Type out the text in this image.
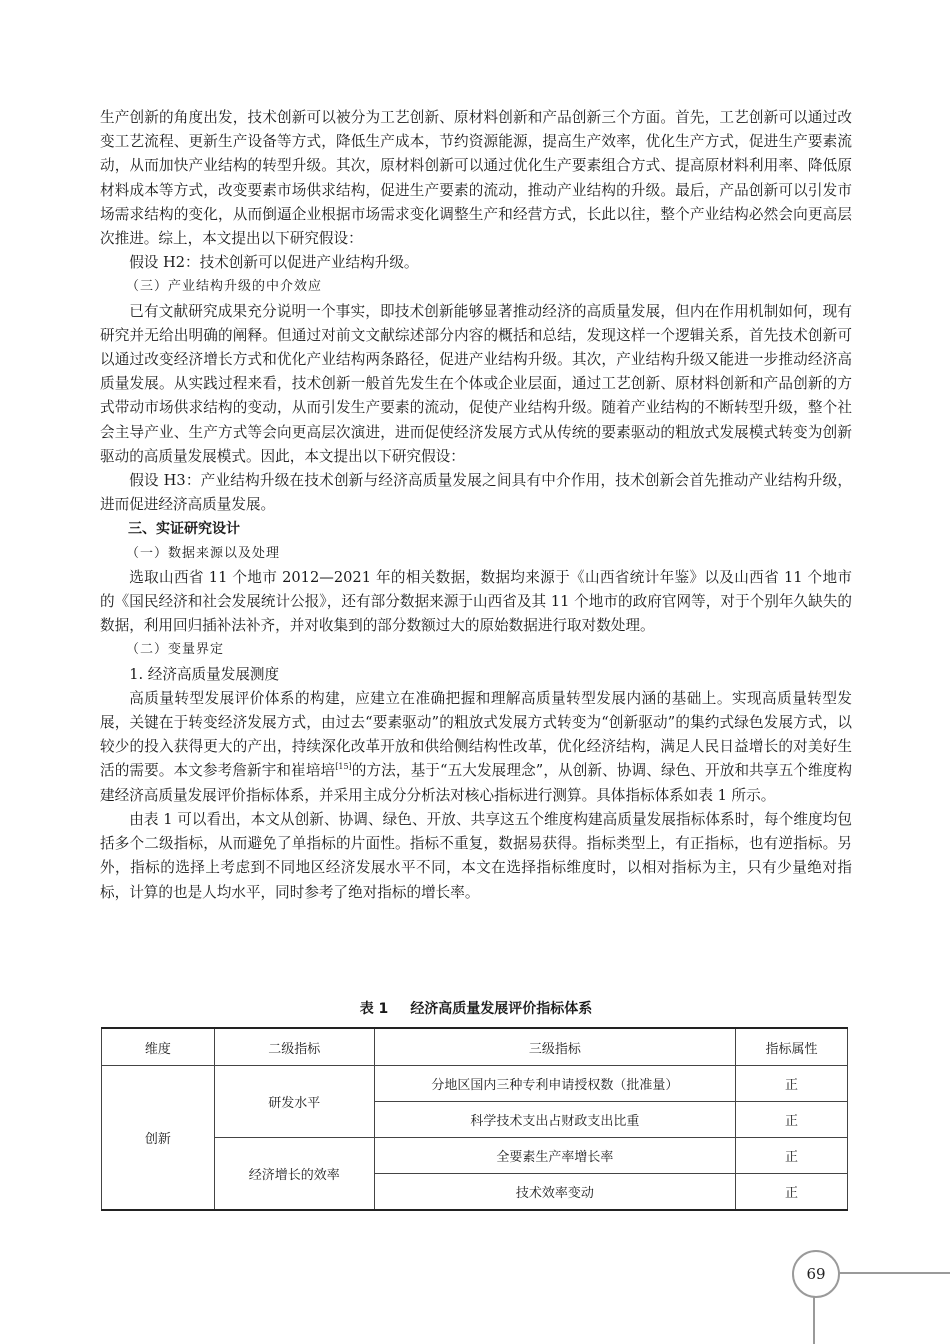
生产创新的角度出发，技术创新可以被分为工艺创新、原材料创新和产品创新三个方面。首先，工艺创新可以通过改变工艺流程、更新生产设备等方式，降低生产成本，节约资源能源，提高生产效率，优化生产方式，促进生产要素流动，从而加快产业结构的转型升级。其次，原材料创新可以通过优化生产要素组合方式、提高原材料利用率、降低原材料成本等方式，改变要素市场供求结构，促进生产要素的流动，推动产业结构的升级。最后，产品创新可以引发市场需求结构的变化，从而倒逼企业根据市场需求变化调整生产和经营方式，长此以往，整个产业结构必然会向更高层次推进。综上，本文提出以下研究假设：

假设 H2：技术创新可以促进产业结构升级。

（三）产业结构升级的中介效应

已有文献研究成果充分说明一个事实，即技术创新能够显著推动经济的高质量发展，但内在作用机制如何，现有研究并无给出明确的阐释。但通过对前文文献综述部分内容的概括和总结，发现这样一个逻辑关系，首先技术创新可以通过改变经济增长方式和优化产业结构两条路径，促进产业结构升级。其次，产业结构升级又能进一步推动经济高质量发展。从实践过程来看，技术创新一般首先发生在个体或企业层面，通过工艺创新、原材料创新和产品创新的方式带动市场供求结构的变动，从而引发生产要素的流动，促使产业结构升级。随着产业结构的不断转型升级，整个社会主导产业、生产方式等会向更高层次演进，进而促使经济发展方式从传统的要素驱动的粗放式发展模式转变为创新驱动的高质量发展模式。因此，本文提出以下研究假设：

假设 H3：产业结构升级在技术创新与经济高质量发展之间具有中介作用，技术创新会首先推动产业结构升级，进而促进经济高质量发展。

三、实证研究设计

（一）数据来源以及处理

选取山西省 11 个地市 2012—2021 年的相关数据，数据均来源于《山西省统计年鉴》以及山西省 11 个地市的《国民经济和社会发展统计公报》，还有部分数据来源于山西省及其 11 个地市的政府官网等，对于个别年久缺失的数据，利用回归插补法补齐，并对收集到的部分数额过大的原始数据进行取对数处理。

（二）变量界定

1. 经济高质量发展测度

高质量转型发展评价体系的构建，应建立在准确把握和理解高质量转型发展内涵的基础上。实现高质量转型发展，关键在于转变经济发展方式，由过去“要素驱动”的粗放式发展方式转变为“创新驱动”的集约式绿色发展方式，以较少的投入获得更大的产出，持续深化改革开放和供给侧结构性改革，优化经济结构，满足人民日益增长的对美好生活的需要。本文参考詹新宇和崔培培[15]的方法，基于“五大发展理念”，从创新、协调、绿色、开放和共享五个维度构建经济高质量发展评价指标体系，并采用主成分分析法对核心指标进行测算。具体指标体系如表 1 所示。

由表 1 可以看出，本文从创新、协调、绿色、开放、共享这五个维度构建高质量发展指标体系时，每个维度均包括多个二级指标，从而避免了单指标的片面性。指标不重复，数据易获得。指标类型上，有正指标，也有逆指标。另外，指标的选择上考虑到不同地区经济发展水平不同，本文在选择指标维度时，以相对指标为主，只有少量绝对指标，计算的也是人均水平，同时参考了绝对指标的增长率。

表 1 经济高质量发展评价指标体系
维度	二级指标	三级指标	指标属性
创新	研发水平	分地区国内三种专利申请授权数（批准量）	正
		科学技术支出占财政支出比重	正
	经济增长的效率	全要素生产率增长率	正
		技术效率变动	正
69
